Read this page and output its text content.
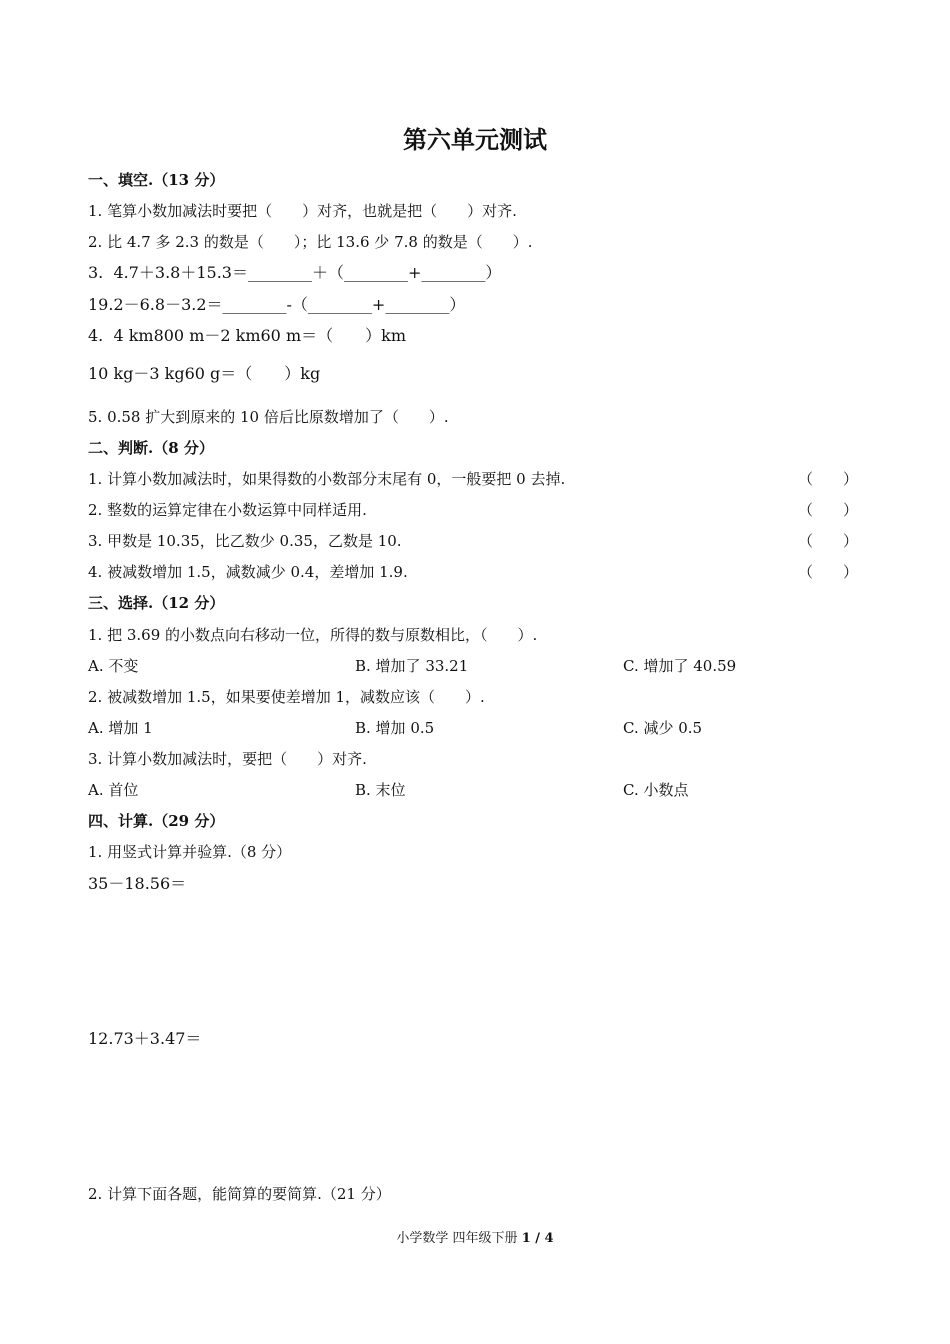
第六单元测试
一、填空.（13 分）
1. 笔算小数加减法时要把（　　）对齐，也就是把（　　）对齐.
2. 比 4.7 多 2.3 的数是（　　）；比 13.6 少 7.8 的数是（　　）.
3.  4.7＋3.8＋15.3＝________＋（________+________）
19.2－6.8－3.2＝________-（________+________）
4.  4 km800 m－2 km60 m＝（　　）km
10 kg－3 kg60 g＝（　　）kg
5. 0.58 扩大到原来的 10 倍后比原数增加了（　　）.
二、判断.（8 分）
1. 计算小数加减法时，如果得数的小数部分末尾有 0，一般要把 0 去掉.	（　　）
2. 整数的运算定律在小数运算中同样适用.	（　　）
3. 甲数是 10.35，比乙数少 0.35，乙数是 10.	（　　）
4. 被减数增加 1.5，减数减少 0.4，差增加 1.9.	（　　）
三、选择.（12 分）
1. 把 3.69 的小数点向右移动一位，所得的数与原数相比，（　　）.
A. 不变	B. 增加了 33.21	C. 增加了 40.59
2. 被减数增加 1.5，如果要使差增加 1，减数应该（　　）.
A. 增加 1	B. 增加 0.5	C. 减少 0.5
3. 计算小数加减法时，要把（　　）对齐.
A. 首位	B. 末位	C. 小数点
四、计算.（29 分）
1. 用竖式计算并验算.（8 分）
35－18.56＝
12.73＋3.47＝
2. 计算下面各题，能简算的要简算.（21 分）
小学数学 四年级下册 1 / 4
